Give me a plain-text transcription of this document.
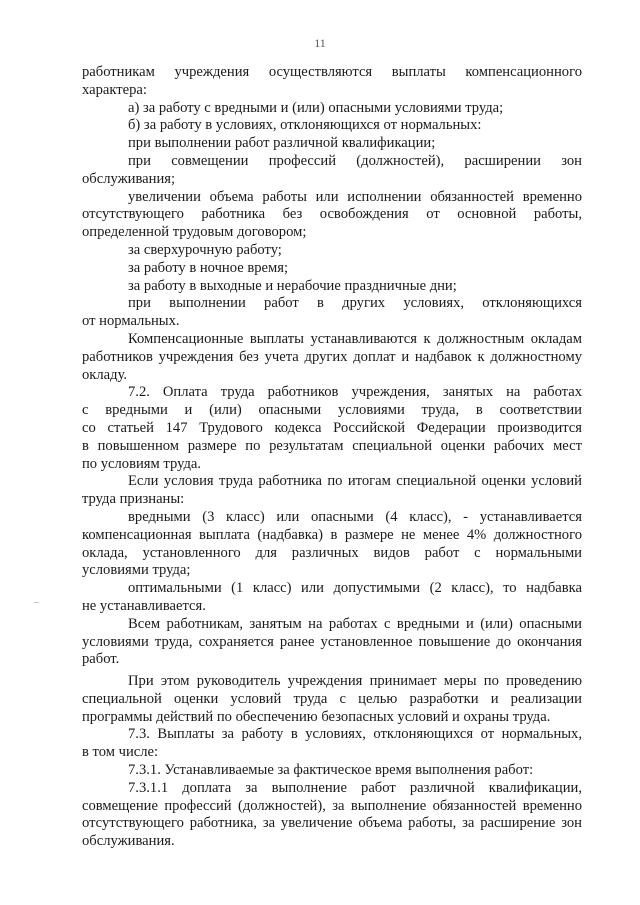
11
работникам учреждения осуществляются выплаты компенсационного
характера:
а) за работу с вредными и (или) опасными условиями труда;
б) за работу в условиях, отклоняющихся от нормальных:
при выполнении работ различной квалификации;
при совмещении профессий (должностей), расширении зон
обслуживания;
увеличении объема работы или исполнении обязанностей временно
отсутствующего работника без освобождения от основной работы,
определенной трудовым договором;
за сверхурочную работу;
за работу в ночное время;
за работу в выходные и нерабочие праздничные дни;
при выполнении работ в других условиях, отклоняющихся
от нормальных.
Компенсационные выплаты устанавливаются к должностным окладам
работников учреждения без учета других доплат и надбавок к должностному
окладу.
7.2. Оплата труда работников учреждения, занятых на работах
с вредными и (или) опасными условиями труда, в соответствии
со статьей 147 Трудового кодекса Российской Федерации производится
в повышенном размере по результатам специальной оценки рабочих мест
по условиям труда.
Если условия труда работника по итогам специальной оценки условий
труда признаны:
вредными (3 класс) или опасными (4 класс), - устанавливается
компенсационная выплата (надбавка) в размере не менее 4% должностного
оклада, установленного для различных видов работ с нормальными
условиями труда;
оптимальными (1 класс) или допустимыми (2 класс), то надбавка
не устанавливается.
Всем работникам, занятым на работах с вредными и (или) опасными
условиями труда, сохраняется ранее установленное повышение до окончания
работ.
При этом руководитель учреждения принимает меры по проведению
специальной оценки условий труда с целью разработки и реализации
программы действий по обеспечению безопасных условий и охраны труда.
7.3. Выплаты за работу в условиях, отклоняющихся от нормальных,
в том числе:
7.3.1. Устанавливаемые за фактическое время выполнения работ:
7.3.1.1 доплата за выполнение работ различной квалификации,
совмещение профессий (должностей), за выполнение обязанностей временно
отсутствующего работника, за увеличение объема работы, за расширение зон
обслуживания.
